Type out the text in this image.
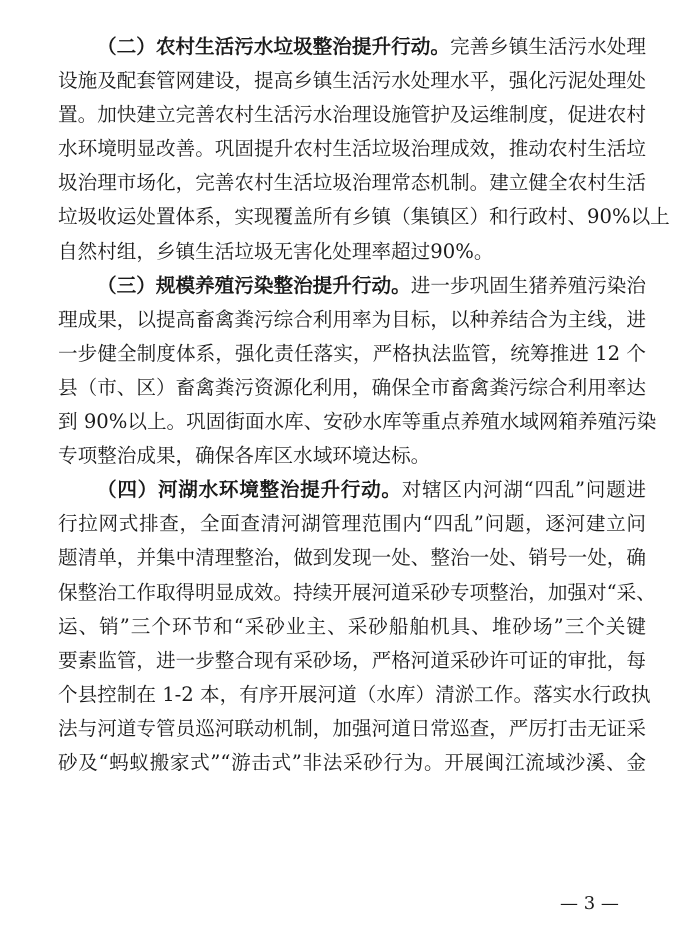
（二）农村生活污水垃圾整治提升行动。完善乡镇生活污水处理
设施及配套管网建设，提高乡镇生活污水处理水平，强化污泥处理处
置。加快建立完善农村生活污水治理设施管护及运维制度，促进农村
水环境明显改善。巩固提升农村生活垃圾治理成效，推动农村生活垃
圾治理市场化，完善农村生活垃圾治理常态机制。建立健全农村生活
垃圾收运处置体系，实现覆盖所有乡镇（集镇区）和行政村、90%以上
自然村组，乡镇生活垃圾无害化处理率超过90%。
（三）规模养殖污染整治提升行动。进一步巩固生猪养殖污染治
理成果，以提高畜禽粪污综合利用率为目标，以种养结合为主线，进
一步健全制度体系，强化责任落实，严格执法监管，统筹推进 12 个
县（市、区）畜禽粪污资源化利用，确保全市畜禽粪污综合利用率达
到 90%以上。巩固街面水库、安砂水库等重点养殖水域网箱养殖污染
专项整治成果，确保各库区水域环境达标。
（四）河湖水环境整治提升行动。对辖区内河湖“四乱”问题进
行拉网式排查，全面查清河湖管理范围内“四乱”问题，逐河建立问
题清单，并集中清理整治，做到发现一处、整治一处、销号一处，确
保整治工作取得明显成效。持续开展河道采砂专项整治，加强对“采、
运、销”三个环节和“采砂业主、采砂船舶机具、堆砂场”三个关键
要素监管，进一步整合现有采砂场，严格河道采砂许可证的审批，每
个县控制在 1-2 本，有序开展河道（水库）清淤工作。落实水行政执
法与河道专管员巡河联动机制，加强河道日常巡查，严厉打击无证采
砂及“蚂蚁搬家式”“游击式”非法采砂行为。开展闽江流域沙溪、金
— 3 —
